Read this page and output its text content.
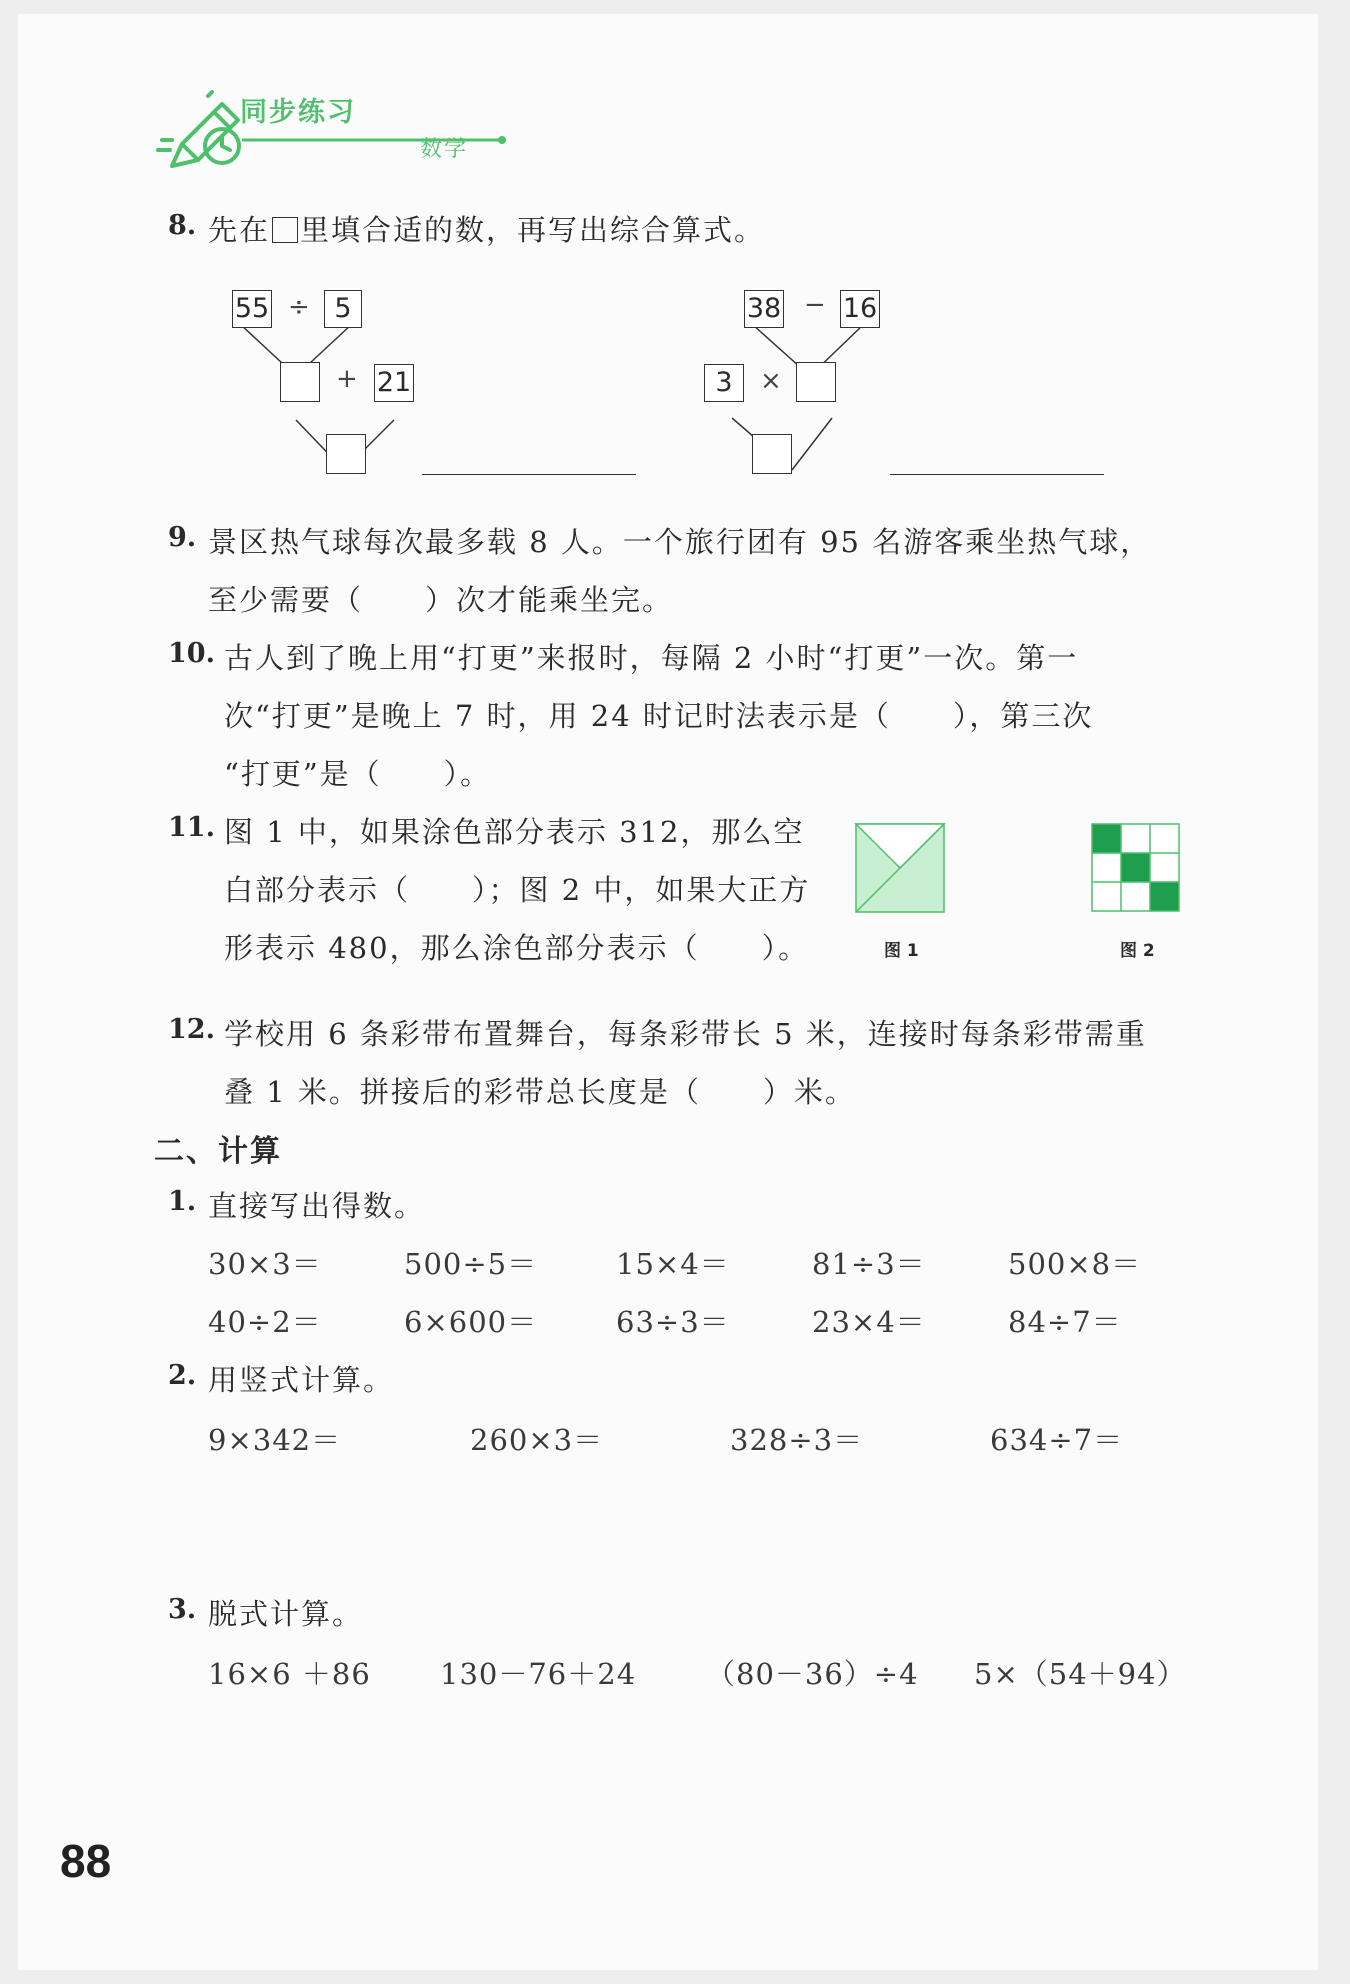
同步练习
数学
8. 先在 里填合适的数，再写出综合算式。
55 ÷ 5
+ 21
38 − 16
3	×
9. 景区热气球每次最多载 8 人。一个旅行团有 95 名游客乘坐热气球，
至少需要（　　）次才能乘坐完。
10. 古人到了晚上用“打更”来报时，每隔 2 小时“打更”一次。第一
次“打更”是晚上 7 时，用 24 时记时法表示是（　　），第三次
“打更”是（　　）。
11. 图 1 中，如果涂色部分表示 312，那么空
白部分表示（　　）；图 2 中，如果大正方
形表示 480，那么涂色部分表示（　　）。	图 1	图 2
12. 学校用 6 条彩带布置舞台，每条彩带长 5 米，连接时每条彩带需重
叠 1 米。拼接后的彩带总长度是（　　）米。
二、计算
1. 直接写出得数。
30×3＝	500÷5＝	15×4＝	81÷3＝	500×8＝
40÷2＝	6×600＝	63÷3＝	23×4＝	84÷7＝
2. 用竖式计算。
9×342＝	260×3＝	328÷3＝	634÷7＝
3. 脱式计算。
16×6 ＋86 130－76＋24 （80－36）÷4 5×（54＋94）
88
